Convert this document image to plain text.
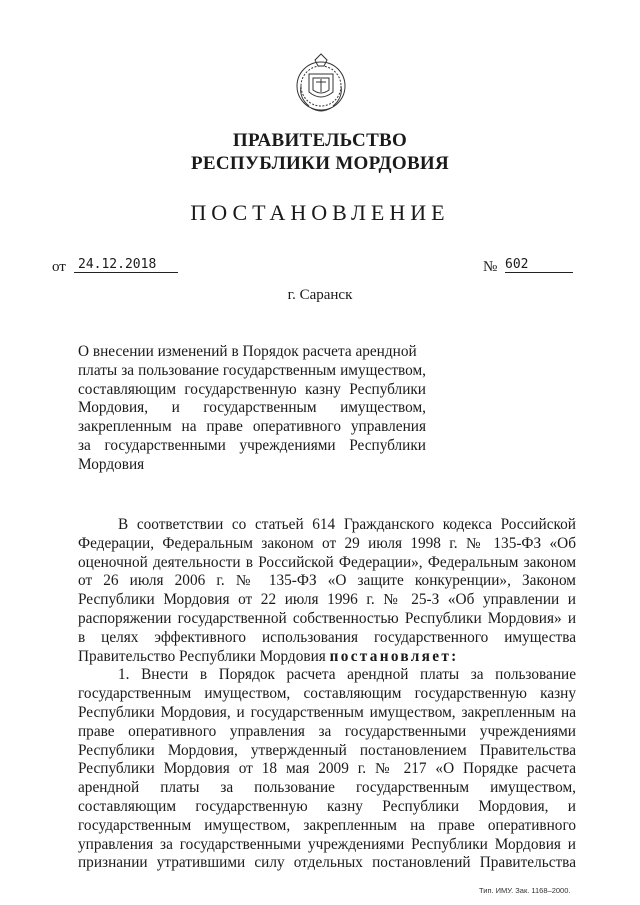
ПРАВИТЕЛЬСТВО
РЕСПУБЛИКИ МОРДОВИЯ
ПОСТАНОВЛЕНИЕ
от 24.12.2018	№ 602
г. Саранск
О внесении изменений в Порядок расчета арендной
платы за пользование государственным имуществом,
составляющим государственную казну Республики
Мордовия, и государственным имуществом,
закрепленным на праве оперативного управления
за государственными учреждениями Республики
Мордовия
В соответствии со статьей 614 Гражданского кодекса Российской
Федерации, Федеральным законом от 29 июля 1998 г. № 135-ФЗ «Об
оценочной деятельности в Российской Федерации», Федеральным законом
от 26 июля 2006 г. № 135-ФЗ «О защите конкуренции», Законом
Республики Мордовия от 22 июля 1996 г. № 25-З «Об управлении и
распоряжении государственной собственностью Республики Мордовия» и
в целях эффективного использования государственного имущества
Правительство Республики Мордовия постановляет:
1. Внести в Порядок расчета арендной платы за пользование
государственным имуществом, составляющим государственную казну
Республики Мордовия, и государственным имуществом, закрепленным на
праве оперативного управления за государственными учреждениями
Республики Мордовия, утвержденный постановлением Правительства
Республики Мордовия от 18 мая 2009 г. № 217 «О Порядке расчета
арендной платы за пользование государственным имуществом,
составляющим государственную казну Республики Мордовия, и
государственным имуществом, закрепленным на праве оперативного
управления за государственными учреждениями Республики Мордовия и
признании утратившими силу отдельных постановлений Правительства
Тип. ИМУ. Зак. 1168–2000.
